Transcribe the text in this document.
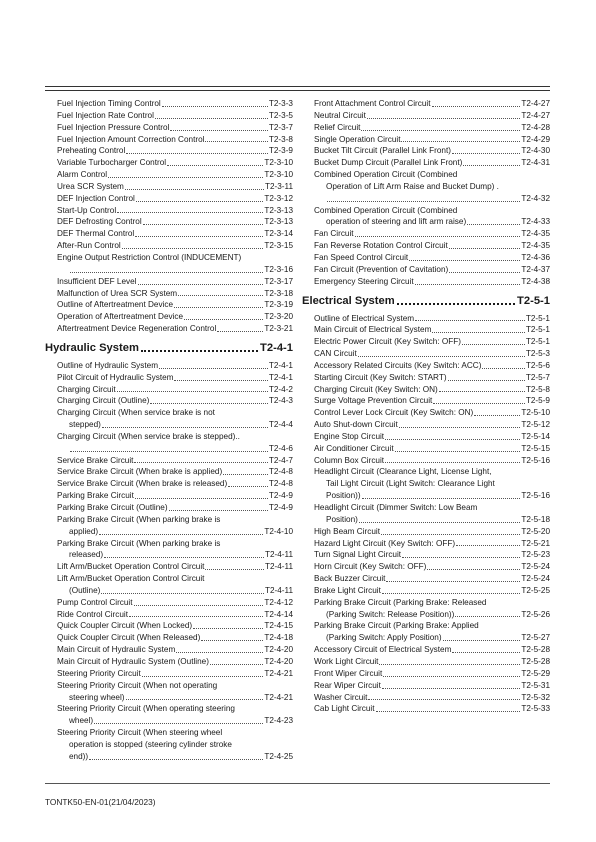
Fuel Injection Timing Control	T2-3-3
Fuel Injection Rate Control	T2-3-5
Fuel Injection Pressure Control	T2-3-7
Fuel Injection Amount Correction Control	T2-3-8
Preheating Control	T2-3-9
Variable Turbocharger Control	T2-3-10
Alarm Control	T2-3-10
Urea SCR System	T2-3-11
DEF Injection Control	T2-3-12
Start-Up Control	T2-3-13
DEF Defrosting Control	T2-3-13
DEF Thermal Control	T2-3-14
After-Run Control	T2-3-15
Engine Output Restriction Control (INDUCEMENT)
T2-3-16
Insufficient DEF Level	T2-3-17
Malfunction of Urea SCR System	T2-3-18
Outline of Aftertreatment Device	T2-3-19
Operation of Aftertreatment Device	T2-3-20
Aftertreatment Device Regeneration Control	T2-3-21
Hydraulic System	T2-4-1
Outline of Hydraulic System	T2-4-1
Pilot Circuit of Hydraulic System	T2-4-1
Charging Circuit	T2-4-2
Charging Circuit (Outline)	T2-4-3
Charging Circuit (When service brake is not
stepped)	T2-4-4
Charging Circuit (When service brake is stepped)..
T2-4-6
Service Brake Circuit	T2-4-7
Service Brake Circuit (When brake is applied)	T2-4-8
Service Brake Circuit (When brake is released)	T2-4-8
Parking Brake Circuit	T2-4-9
Parking Brake Circuit (Outline)	T2-4-9
Parking Brake Circuit (When parking brake is
applied)	T2-4-10
Parking Brake Circuit (When parking brake is
released)	T2-4-11
Lift Arm/Bucket Operation Control Circuit	T2-4-11
Lift Arm/Bucket Operation Control Circuit
(Outline)	T2-4-11
Pump Control Circuit	T2-4-12
Ride Control Circuit	T2-4-14
Quick Coupler Circuit (When Locked)	T2-4-15
Quick Coupler Circuit (When Released)	T2-4-18
Main Circuit of Hydraulic System	T2-4-20
Main Circuit of Hydraulic System (Outline)	T2-4-20
Steering Priority Circuit	T2-4-21
Steering Priority Circuit (When not operating
steering wheel)	T2-4-21
Steering Priority Circuit (When operating steering
wheel)	T2-4-23
Steering Priority Circuit (When steering wheel
operation is stopped (steering cylinder stroke
end))	T2-4-25
Front Attachment Control Circuit	T2-4-27
Neutral Circuit	T2-4-27
Relief Circuit	T2-4-28
Single Operation Circuit	T2-4-29
Bucket Tilt Circuit (Parallel Link Front)	T2-4-30
Bucket Dump Circuit (Parallel Link Front)	T2-4-31
Combined Operation Circuit (Combined
Operation of Lift Arm Raise and Bucket Dump) .
T2-4-32
Combined Operation Circuit (Combined
operation of steering and lift arm raise)	T2-4-33
Fan Circuit	T2-4-35
Fan Reverse Rotation Control Circuit	T2-4-35
Fan Speed Control Circuit	T2-4-36
Fan Circuit (Prevention of Cavitation)	T2-4-37
Emergency Steering Circuit	T2-4-38
Electrical System	T2-5-1
Outline of Electrical System	T2-5-1
Main Circuit of Electrical System	T2-5-1
Electric Power Circuit (Key Switch: OFF)	T2-5-1
CAN Circuit	T2-5-3
Accessory Related Circuits (Key Switch: ACC)	T2-5-6
Starting Circuit (Key Switch: START)	T2-5-7
Charging Circuit (Key Switch: ON)	T2-5-8
Surge Voltage Prevention Circuit	T2-5-9
Control Lever Lock Circuit (Key Switch: ON)	T2-5-10
Auto Shut-down Circuit	T2-5-12
Engine Stop Circuit	T2-5-14
Air Conditioner Circuit	T2-5-15
Column Box Circuit	T2-5-16
Headlight Circuit (Clearance Light, License Light,
Tail Light Circuit (Light Switch: Clearance Light
Position))	T2-5-16
Headlight Circuit (Dimmer Switch: Low Beam
Position)	T2-5-18
High Beam Circuit	T2-5-20
Hazard Light Circuit (Key Switch: OFF)	T2-5-21
Turn Signal Light Circuit	T2-5-23
Horn Circuit (Key Switch: OFF)	T2-5-24
Back Buzzer Circuit	T2-5-24
Brake Light Circuit	T2-5-25
Parking Brake Circuit (Parking Brake: Released
(Parking Switch: Release Position))	T2-5-26
Parking Brake Circuit (Parking Brake: Applied
(Parking Switch: Apply Position)	T2-5-27
Accessory Circuit of Electrical System	T2-5-28
Work Light Circuit	T2-5-28
Front Wiper Circuit	T2-5-29
Rear Wiper Circuit	T2-5-31
Washer Circuit	T2-5-32
Cab Light Circuit	T2-5-33
TONTK50-EN-01(21/04/2023)
